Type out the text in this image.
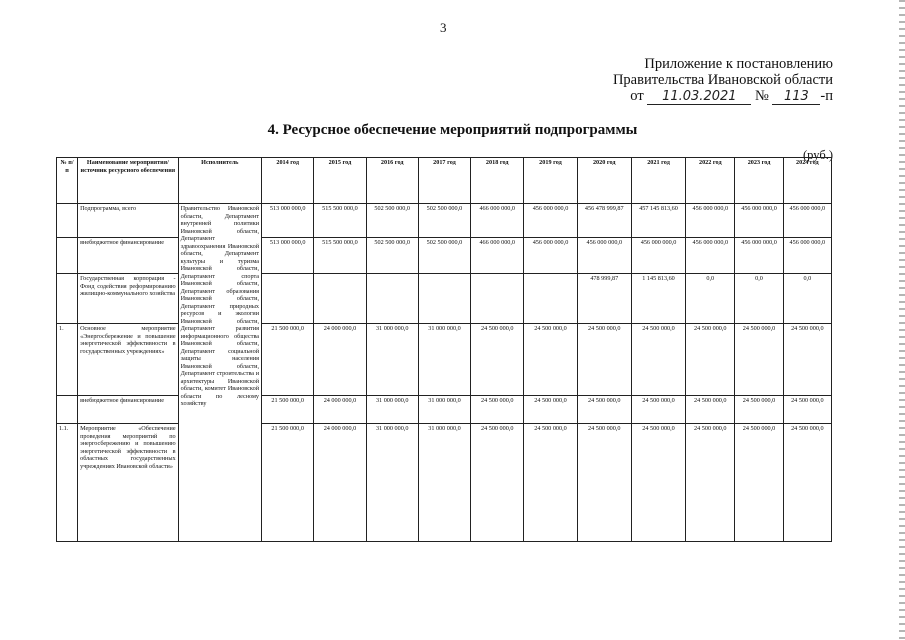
3
Приложение к постановлению
Правительства Ивановской области
от 11.03.2021 № 113 -п
4. Ресурсное обеспечение мероприятий подпрограммы
(руб.)
№ п/п	Наименование мероприятия/источник ресурсного обеспечения	Исполнитель	2014 год	2015 год	2016 год	2017 год	2018 год	2019 год	2020 год	2021 год	2022 год	2023 год	2024 год
	Подпрограмма, всего	Правительство Ивановской области, Департамент внутренней политики Ивановской области, Департамент здравоохранения Ивановской области, Департамент культуры и туризма Ивановской области, Департамент спорта Ивановской области, Департамент образования Ивановской области, Департамент природных ресурсов и экологии Ивановской области, Департамент развития информационного общества Ивановской области, Департамент социальной защиты населения Ивановской области, Департамент строительства и архитектуры Ивановской области, комитет Ивановской области по лесному хозяйству	513 000 000,0	515 500 000,0	502 500 000,0	502 500 000,0	466 000 000,0	456 000 000,0	456 478 999,87	457 145 813,60	456 000 000,0	456 000 000,0	456 000 000,0
	внебюджетное финансирование		513 000 000,0	515 500 000,0	502 500 000,0	502 500 000,0	466 000 000,0	456 000 000,0	456 000 000,0	456 000 000,0	456 000 000,0	456 000 000,0	456 000 000,0
	Государственная корпорация - Фонд содействия реформированию жилищно-коммунального хозяйства								478 999,87	1 145 813,60	0,0	0,0	0,0
1.	Основное мероприятие «Энергосбережение и повышение энергетической эффективности в государственных учреждениях»		21 500 000,0	24 000 000,0	31 000 000,0	31 000 000,0	24 500 000,0	24 500 000,0	24 500 000,0	24 500 000,0	24 500 000,0	24 500 000,0	24 500 000,0
	внебюджетное финансирование		21 500 000,0	24 000 000,0	31 000 000,0	31 000 000,0	24 500 000,0	24 500 000,0	24 500 000,0	24 500 000,0	24 500 000,0	24 500 000,0	24 500 000,0
1.1.	Мероприятие «Обеспечение проведения мероприятий по энергосбережению и повышению энергетической эффективности в областных государственных учреждениях Ивановской области»		21 500 000,0	24 000 000,0	31 000 000,0	31 000 000,0	24 500 000,0	24 500 000,0	24 500 000,0	24 500 000,0	24 500 000,0	24 500 000,0	24 500 000,0
